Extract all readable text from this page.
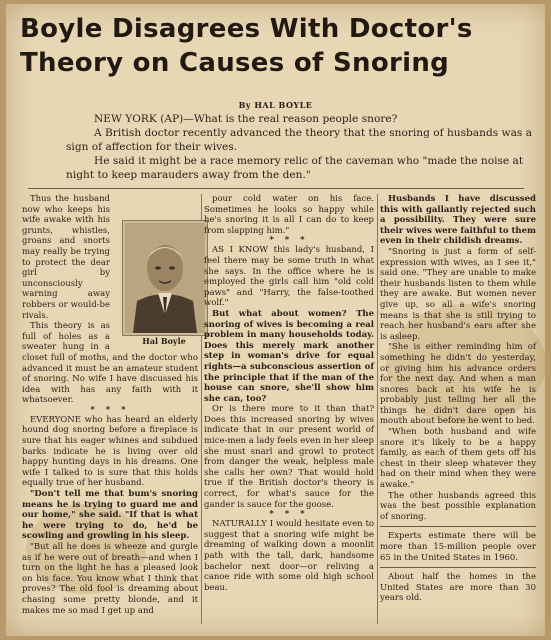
Boyle Disagrees With Doctor's
Theory on Causes of Snoring
By HAL BOYLE

NEW YORK (AP)—What is the real reason people snore?

A British doctor recently advanced the theory that the snoring of husbands was a sign of affection for their wives.

He said it might be a race memory relic of the caveman who "made the noise at night to keep marauders away from the den."

Thus the husband now who keeps his wife awake with his grunts, whistles, groans and snorts may really be trying to protect the dear girl by unconsciously warning away robbers or would-be rivals.

This theory is as full of holes as a sweater hung in a closet full of moths, and the doctor who advanced it must be an amateur student of snoring. No wife I have discussed his idea with has any faith with it whatsoever.

* * *

EVERYONE who has heard an elderly hound dog snoring before a fireplace is sure that his eager whines and subdued barks indicate he is living over old happy hunting days in his dreams. One wife I talked to is sure that this holds equally true of her husband.

"Don't tell me that bum's snoring means he is trying to guard me and our home," she said. "If that is what he were trying to do, he'd be scowling and growling in his sleep.

"But all he does is wheeze and gurgle as if he were out of breath—and when I turn on the light he has a pleased look on his face. You know what I think that proves? The old fool is dreaming about chasing some pretty blonde, and it makes me so mad I get up and

Hal Boyle

pour cold water on his face. Sometimes he looks so happy while he's snoring it is all I can do to keep from slapping him."

* * *

AS I KNOW this lady's husband, I feel there may be some truth in what she says. In the office where he is employed the girls call him "old cold paws" and "Harry, the false-toothed wolf."

But what about women? The snoring of wives is becoming a real problem in many households today. Does this merely mark another step in woman's drive for equal rights—a subconscious assertion of the principle that if the man of the house can snore, she'll show him she can, too?

Or is there more to it than that? Does this increased snoring by wives indicate that in our present world of mice-men a lady feels even in her sleep she must snarl and growl to protect from danger the weak, helpless male she calls her own? That would hold true if the British doctor's theory is correct, for what's sauce for the gander is sauce for the goose.

* * *

NATURALLY I would hesitate even to suggest that a snoring wife might be dreaming of walking down a moonlit path with the tall, dark, handsome bachelor next door—or reliving a canoe ride with some old high school beau.

Husbands I have discussed this with gallantly rejected such a possibility. They were sure their wives were faithful to them even in their childish dreams.

"Snoring is just a form of self-expression with wives, as I see it," said one. "They are unable to make their husbands listen to them while they are awake. But women never give up, so all a wife's snoring means is that she is still trying to reach her husband's ears after she is asleep.

"She is either reminding him of something he didn't do yesterday, or giving him his advance orders for the next day. And when a man snores back at his wife he is probably just telling her all the things he didn't dare open his mouth about before he went to bed.

"When both husband and wife snore it's likely to be a happy family, as each of them gets off his chest in their sleep whatever they had on their mind when they were awake."

The other husbands agreed this was the best possible explanation of snoring.

Experts estimate there will be more than 15-million people over 65 in the United States in 1960.

About half the homes in the United States are more than 30 years old.
